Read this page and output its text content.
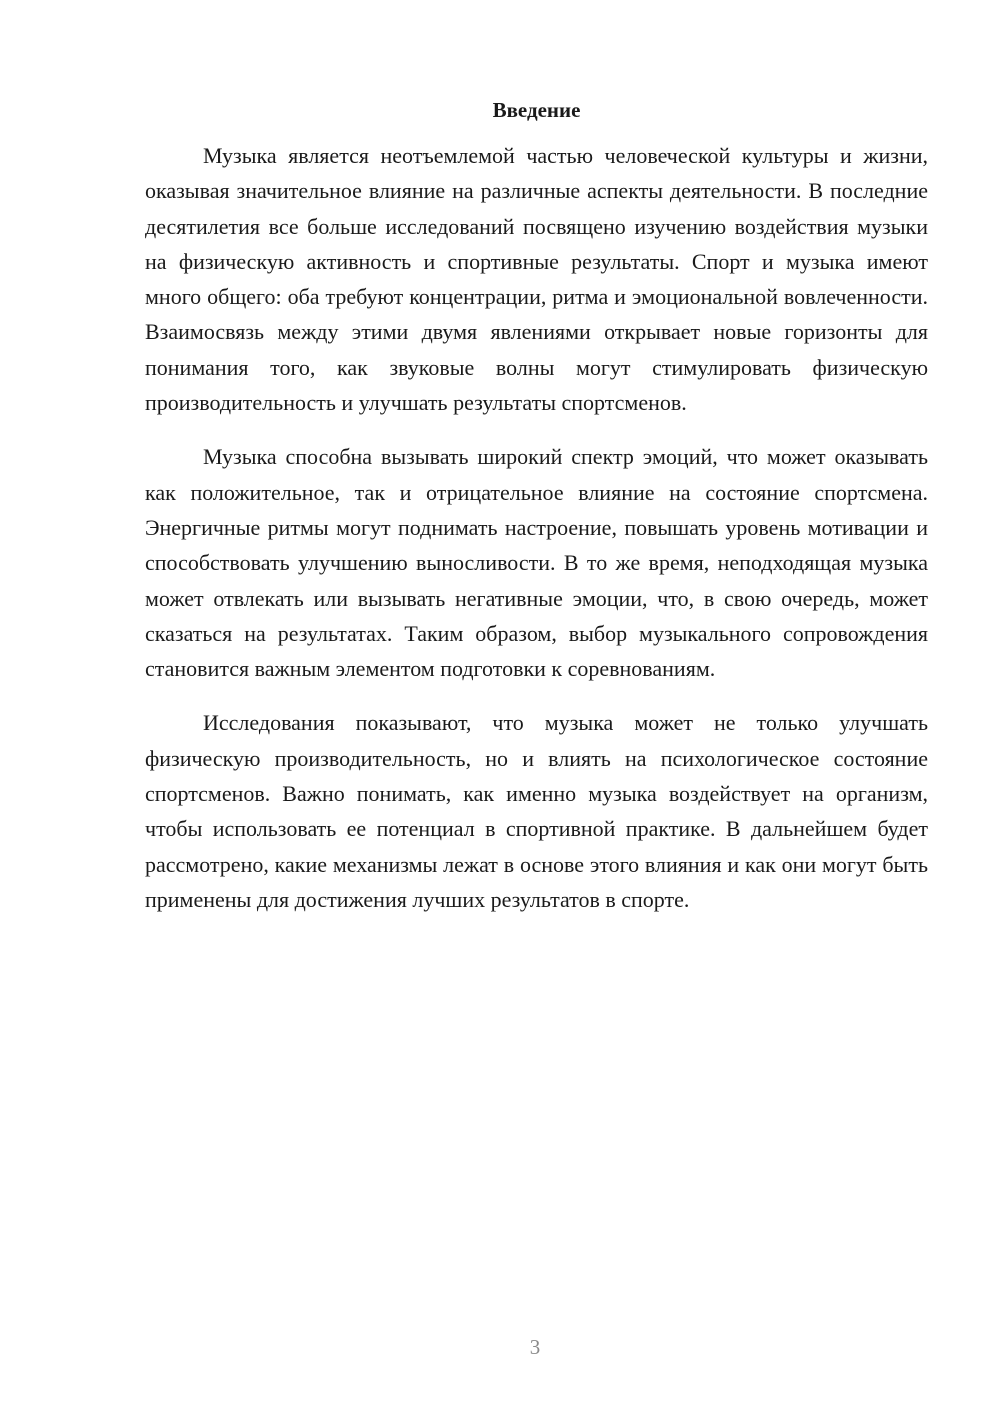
Введение

Музыка является неотъемлемой частью человеческой культуры и жизни, оказывая значительное влияние на различные аспекты деятельности. В последние десятилетия все больше исследований посвящено изучению воздействия музыки на физическую активность и спортивные результаты. Спорт и музыка имеют много общего: оба требуют концентрации, ритма и эмоциональной вовлеченности. Взаимосвязь между этими двумя явлениями открывает новые горизонты для понимания того, как звуковые волны могут стимулировать физическую производительность и улучшать результаты спортсменов.

Музыка способна вызывать широкий спектр эмоций, что может оказывать как положительное, так и отрицательное влияние на состояние спортсмена. Энергичные ритмы могут поднимать настроение, повышать уровень мотивации и способствовать улучшению выносливости. В то же время, неподходящая музыка может отвлекать или вызывать негативные эмоции, что, в свою очередь, может сказаться на результатах. Таким образом, выбор музыкального сопровождения становится важным элементом подготовки к соревнованиям.

Исследования показывают, что музыка может не только улучшать физическую производительность, но и влиять на психологическое состояние спортсменов. Важно понимать, как именно музыка воздействует на организм, чтобы использовать ее потенциал в спортивной практике. В дальнейшем будет рассмотрено, какие механизмы лежат в основе этого влияния и как они могут быть применены для достижения лучших результатов в спорте.

3
